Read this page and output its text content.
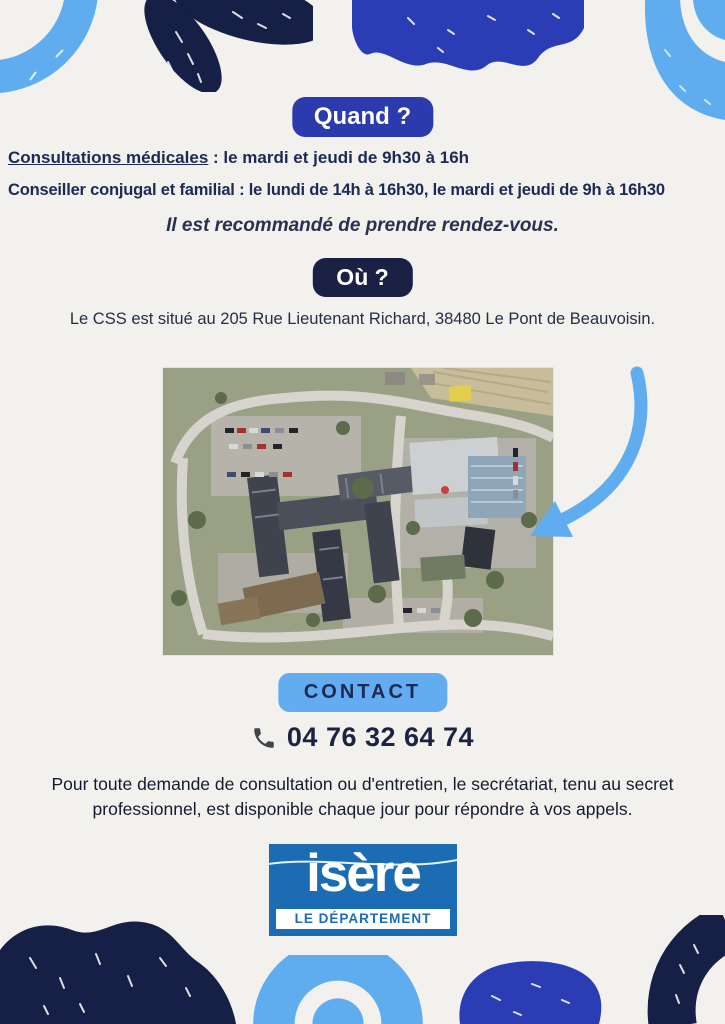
Quand ?
Consultations médicales : le mardi et jeudi de 9h30 à 16h
Conseiller conjugal et familial : le lundi de 14h à 16h30, le mardi et jeudi de 9h à 16h30
Il est recommandé de prendre rendez-vous.
Où ?
Le CSS est situé au 205 Rue Lieutenant Richard, 38480 Le Pont de Beauvoisin.
CONTACT
04 76 32 64 74
Pour toute demande de consultation ou d'entretien, le secrétariat, tenu au secret professionnel, est disponible chaque jour pour répondre à vos appels.
isère
LE DÉPARTEMENT
